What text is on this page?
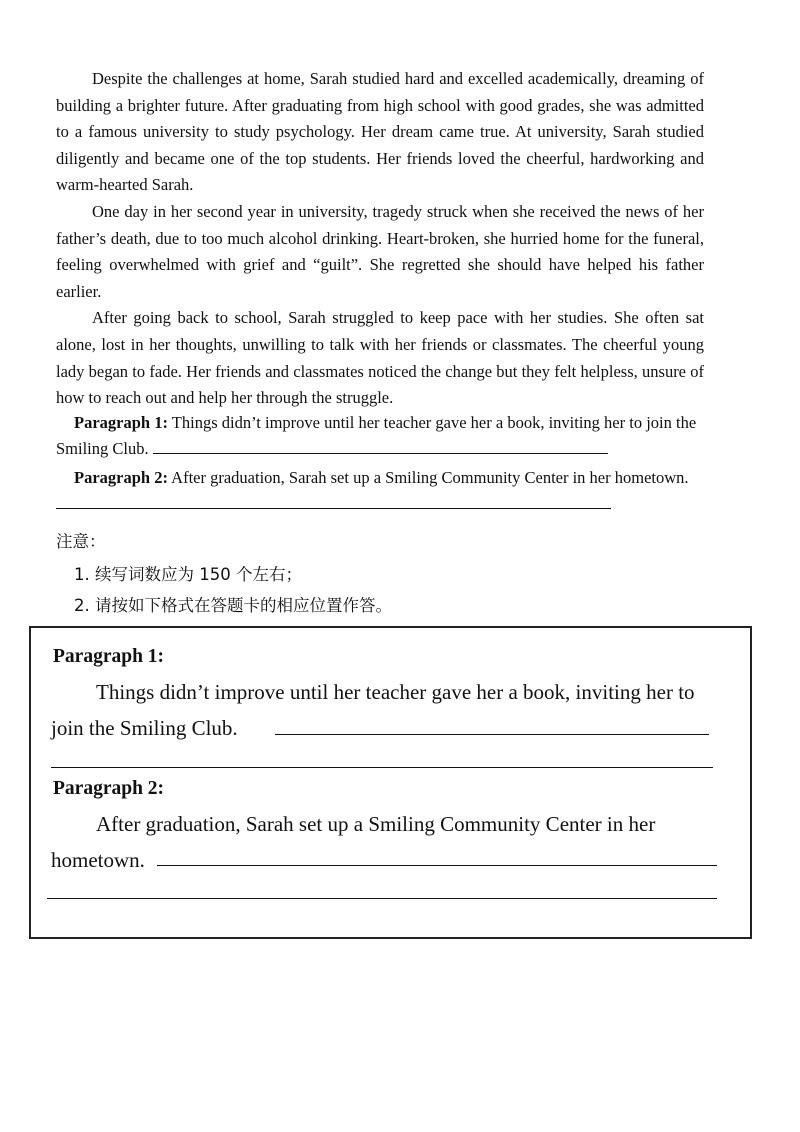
Despite the challenges at home, Sarah studied hard and excelled academically, dreaming of building a brighter future. After graduating from high school with good grades, she was admitted to a famous university to study psychology. Her dream came true. At university, Sarah studied diligently and became one of the top students. Her friends loved the cheerful, hardworking and warm-hearted Sarah.

One day in her second year in university, tragedy struck when she received the news of her father’s death, due to too much alcohol drinking. Heart-broken, she hurried home for the funeral, feeling overwhelmed with grief and “guilt”. She regretted she should have helped his father earlier.

After going back to school, Sarah struggled to keep pace with her studies. She often sat alone, lost in her thoughts, unwilling to talk with her friends or classmates. The cheerful young lady began to fade. Her friends and classmates noticed the change but they felt helpless, unsure of how to reach out and help her through the struggle.

Paragraph 1: Things didn’t improve until her teacher gave her a book, inviting her to join the Smiling Club.
Paragraph 2: After graduation, Sarah set up a Smiling Community Center in her hometown.
注意：
1. 续写词数应为 150 个左右；
2. 请按如下格式在答题卡的相应位置作答。
Paragraph 1:
Things didn’t improve until her teacher gave her a book, inviting her to
join the Smiling Club.
Paragraph 2:
After graduation, Sarah set up a Smiling Community Center in her
hometown.
